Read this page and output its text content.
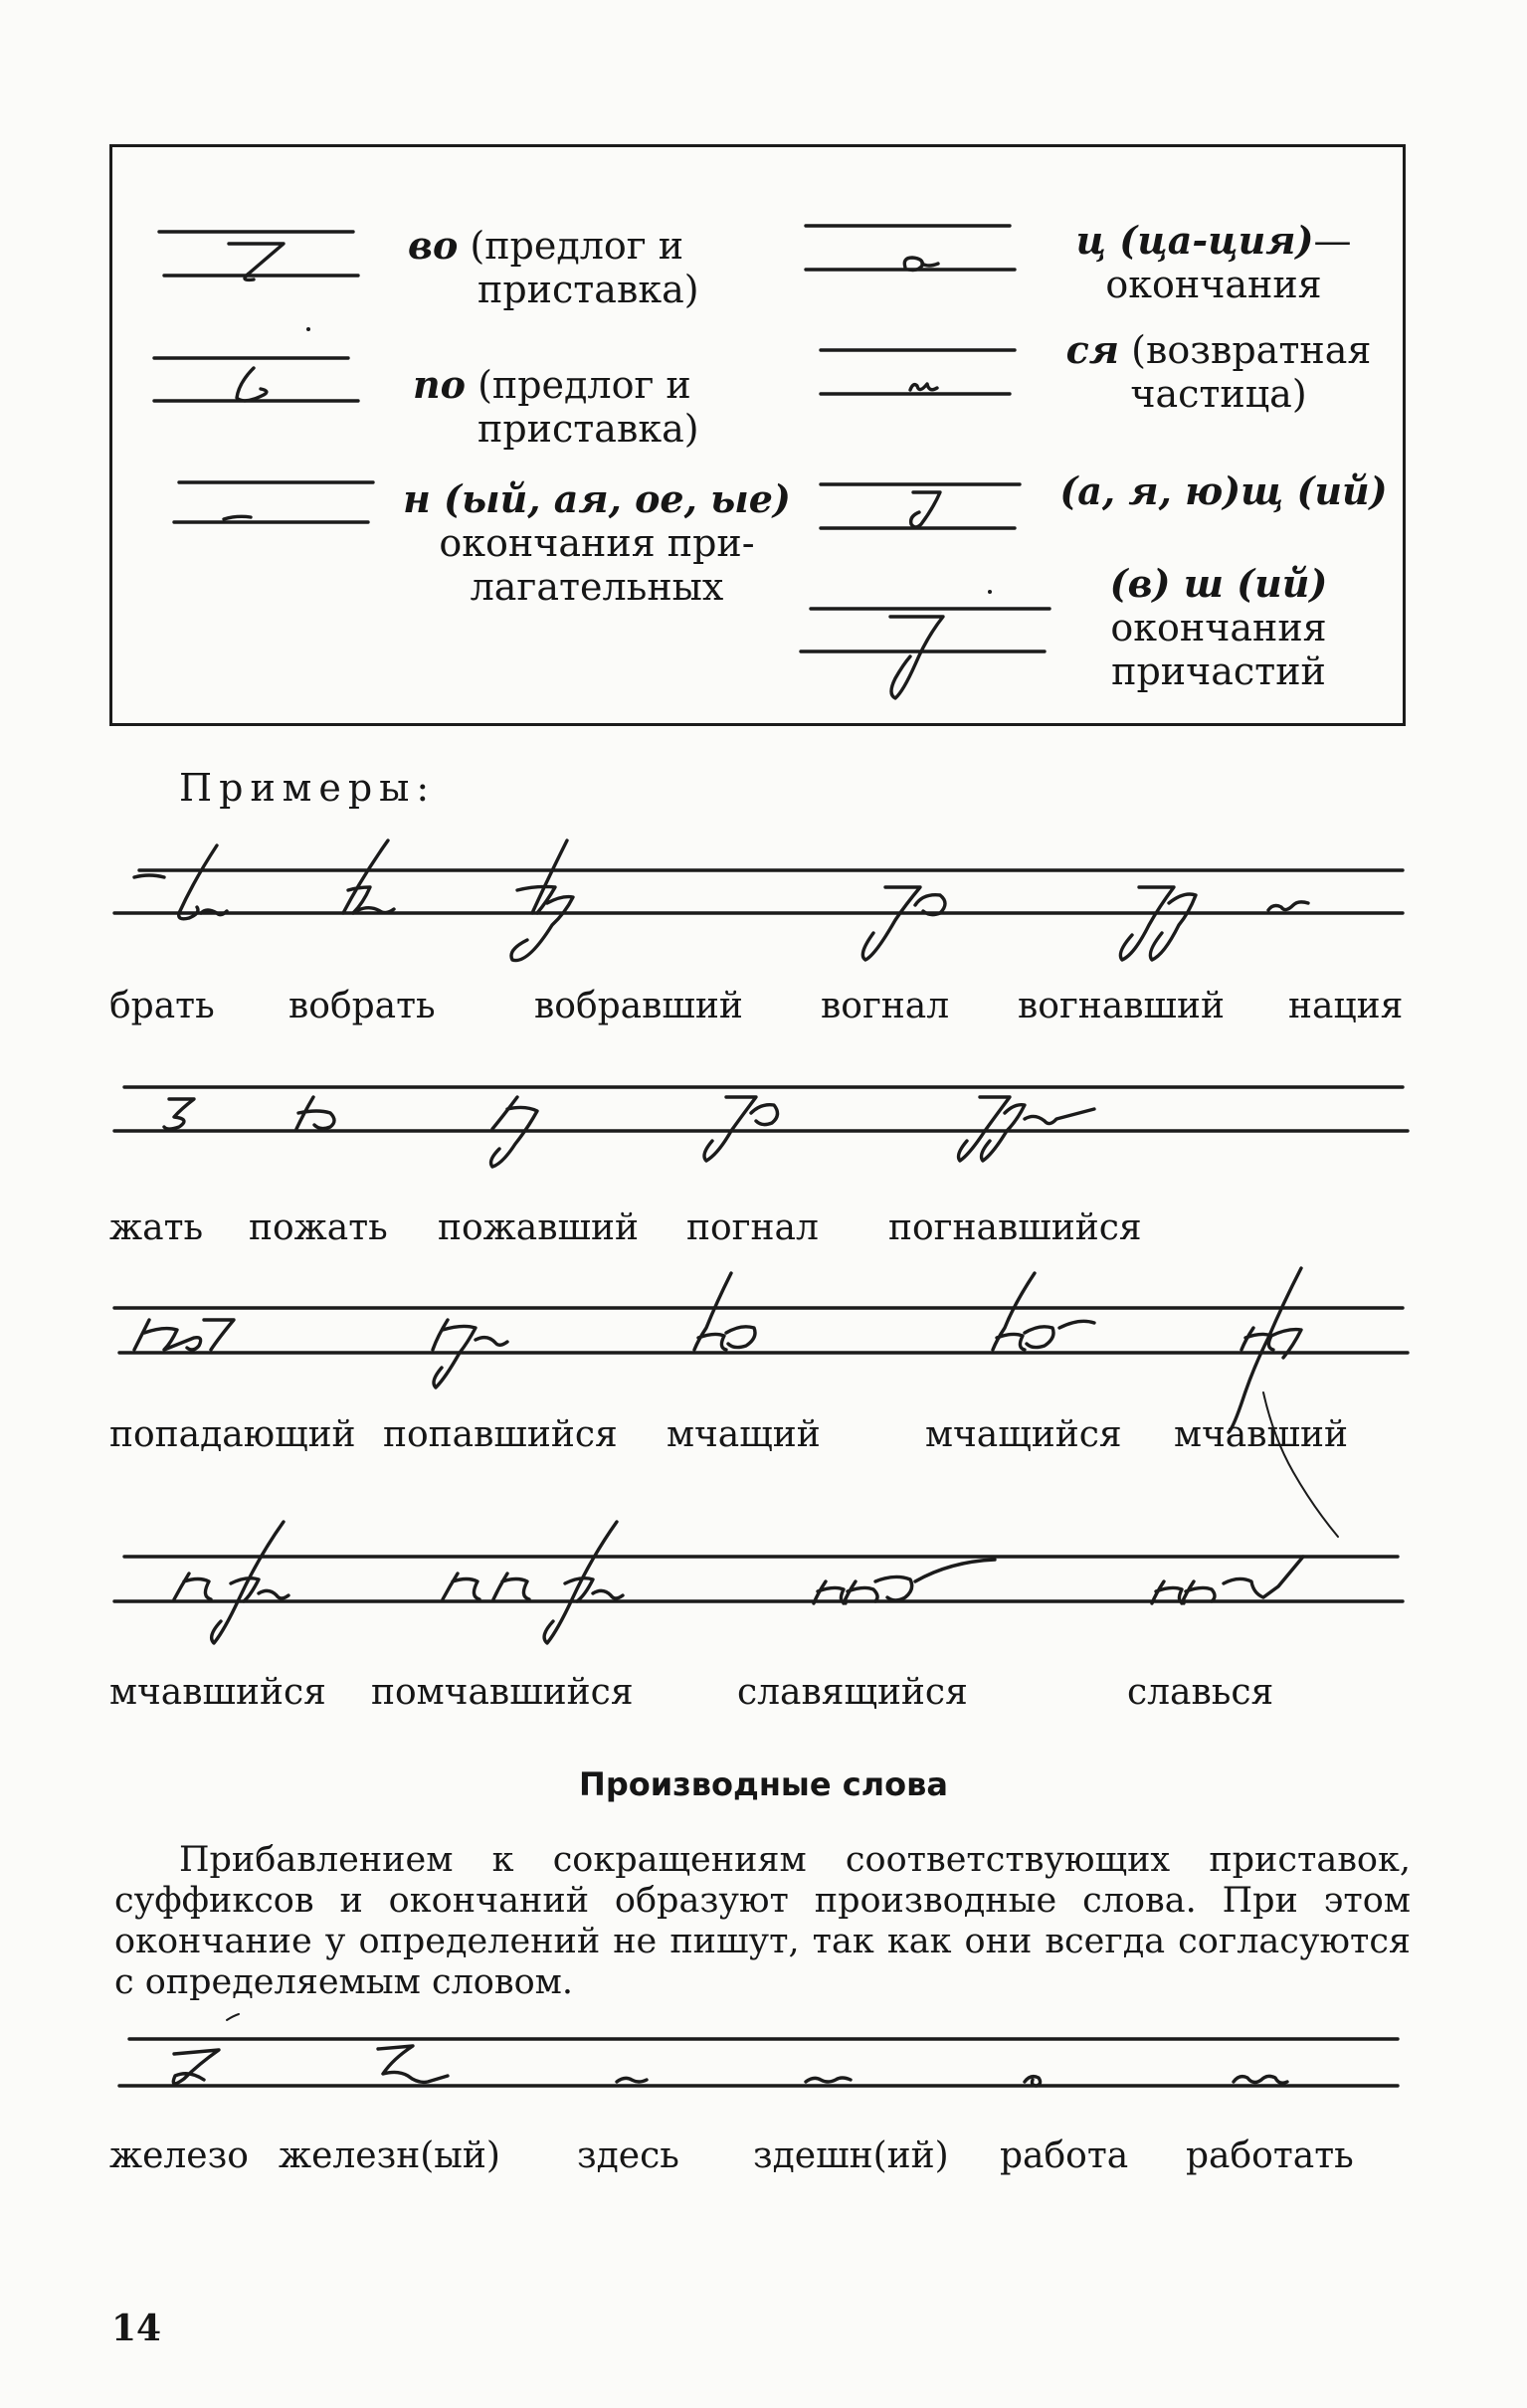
во (предлог и
приставка)
по (предлог и
приставка)
н (ый, ая, ое, ые)
окончания при-
лагательных
ц (ца-ция)—
окончания
ся (возвратная
частица)
(а, я, ю)щ (ий)
(в) ш (ий)
окончания
причастий
Примеры:
брать вобрать	вобравший вогнал вогнавший нация
жать пожать пожавший погнал погнавшийся
попадающий попавшийся мчащий	мчащийся мчавший
мчавшийся помчавшийся	славящийся	славься
Производные слова
Прибавлением к сокращениям соответствующих приставок, суффиксов и окончаний образуют производные слова. При этом окончание у определений не пишут, так как они всегда согласуются с определяемым словом.
железо железн(ый) здесь здешн(ий) работа работать
14
